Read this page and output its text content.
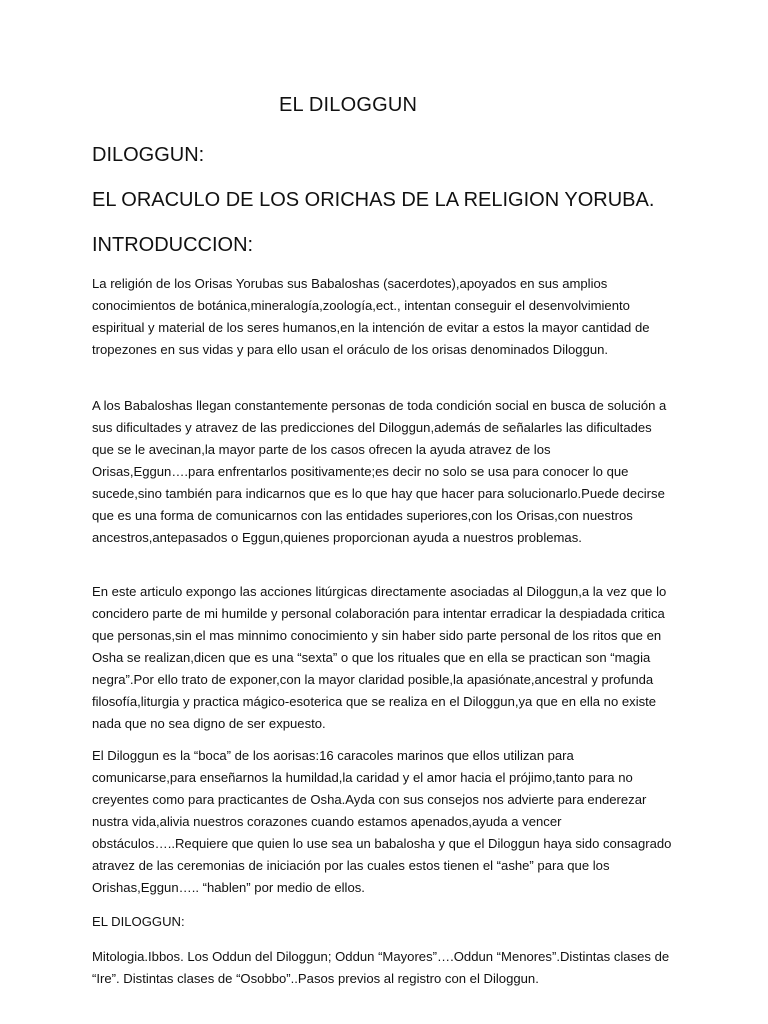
EL DILOGGUN
DILOGGUN:
EL ORACULO DE LOS ORICHAS DE LA RELIGION YORUBA.
INTRODUCCION:

La religión de los Orisas Yorubas sus Babaloshas (sacerdotes),apoyados en sus amplios conocimientos de botánica,mineralogía,zoología,ect., intentan conseguir el desenvolvimiento espiritual y material de los seres humanos,en la intención de evitar a estos la mayor cantidad de tropezones en sus vidas y para ello usan el oráculo de los orisas denominados Diloggun.

A los Babaloshas llegan constantemente personas de toda condición social en busca de solución a sus dificultades y atravez de las predicciones del Diloggun,además de señalarles las dificultades que se le avecinan,la mayor parte de los casos ofrecen la ayuda atravez de los Orisas,Eggun….para enfrentarlos positivamente;es decir no solo se usa para conocer lo que sucede,sino también para indicarnos que es lo que hay que hacer para solucionarlo.Puede decirse que es una forma de comunicarnos con las entidades superiores,con los Orisas,con nuestros ancestros,antepasados o Eggun,quienes proporcionan ayuda a nuestros problemas.

En este articulo expongo las acciones litúrgicas directamente asociadas al Diloggun,a la vez que lo concidero parte de mi humilde y personal colaboración para intentar erradicar la despiadada critica que personas,sin el mas minnimo conocimiento y sin haber sido parte personal de los ritos que en Osha se realizan,dicen que es una “sexta” o que los rituales que en ella se practican son “magia negra”.Por ello trato de exponer,con la mayor claridad posible,la apasiónate,ancestral y profunda filosofía,liturgia y practica mágico-esoterica que se realiza en el Diloggun,ya que en ella no existe nada que no sea digno de ser expuesto.

El Diloggun es la “boca” de los aorisas:16 caracoles marinos que ellos utilizan para comunicarse,para enseñarnos la humildad,la caridad y el amor hacia el prójimo,tanto para no creyentes como para practicantes de Osha.Ayda con sus consejos nos advierte para enderezar nustra vida,alivia nuestros corazones cuando estamos apenados,ayuda a vencer obstáculos…..Requiere que quien lo use sea un babalosha y que el Diloggun haya sido consagrado atravez de las ceremonias de iniciación por las cuales estos tienen el “ashe” para que los Orishas,Eggun….. “hablen” por medio de ellos.

EL DILOGGUN:

Mitologia.Ibbos. Los Oddun del Diloggun; Oddun “Mayores”….Oddun “Menores”.Distintas clases de “Ire”. Distintas clases de “Osobbo”..Pasos previos al registro con el Diloggun.
